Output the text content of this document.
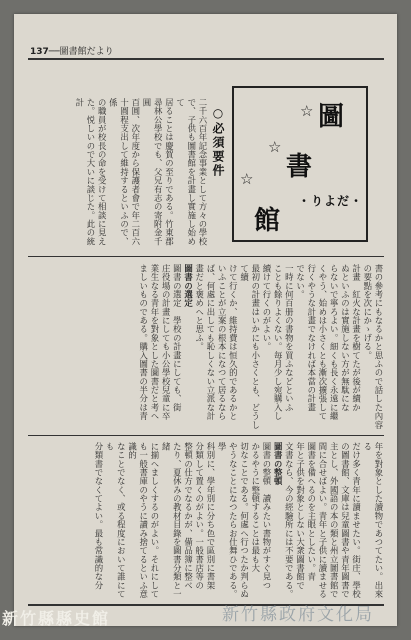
137──圖書館だより
圖
書
館
☆
☆
☆
・りよだ・
○必須要件
二千六百年記念事業として方々の學校
で、子供も圖書館を計畫し實施し始めて
居ることは慶賀の至りである。竹東郡
尋林公學校でも、父兄有志の寄附金千圓
百圓、次年度から保護者會で年二百六
十圓程支出して維持するといふので、係
の職員が校長の命を受けて相談に見え
た。悦しいので大いに談じた。此の統計
書の參考にもなるかと思ふので話した內容
の要點を次にかゝげる。
計畫　紅火な計畫を樹てたが後が續か
ぬといふのは實施しない方が無駄にな
らないで寧ろよい。細くも長く永遠に繼
くやう、始めは小さくとも漸次擴張して
行くやうな計畫でなければ本當の計畫
でない。
一時に何百册の書物を買ふなどといふ
ことも餘りよくない。毎月少し宛購入し
續けて行くのがよい。
最初の計畫はいかにも小さくとも、どうして續
けて行くか、維持費は恒久的であるかと
いふことが立案の根本になつて居るなら
ば、何處に出しても恥しくない立派な計
畫だと褒めへと思ふ。
圖書の選定
圖書の選定　學校の計畫にしても、街
庄役場の計畫にしても小公學校兒童に卒
業生なる青年を對象とした圖書だと考へ
ましいものである。購入圖書の半分は青
年を對象とした讀物であつてたい。出來る
だけ多く青年に讀ませたい。街庄、學校
の圖書館、文庫は兒童圖書や青年圖書で
主とし、外國語の本の類と州立圖書館で
間に合せばよい。青年と子供に讀ませる
圖書を備へるのを主眼としたい。青
年と子供を對象としない大衆圖書館で
文書なら、今の經驗所には不要である。
圖書の整頓
圖書の整頓　讀みたい書物がすぐ見つ
かるやうに整頓することは最も大
切なことである。何處へ行つたか判らぬ
やうなことになつたらお仕舞ひである。學
科別に、學年別に分ち色で區別に書架
分類して置くのがよい。一般書店等の
整頓の仕方でなるかが、備品簿に整べ
たり、夏休みの教材目錄を圖書分類と一緒
に揃へましくするのがよい。それにして
も一般書庫のやうに讀み捨てるといふ意識的
なことでなく、或る程度において誰にても
分類書でなくてよい。最も常識的な分
新竹縣縣史館	新竹縣政府文化局
